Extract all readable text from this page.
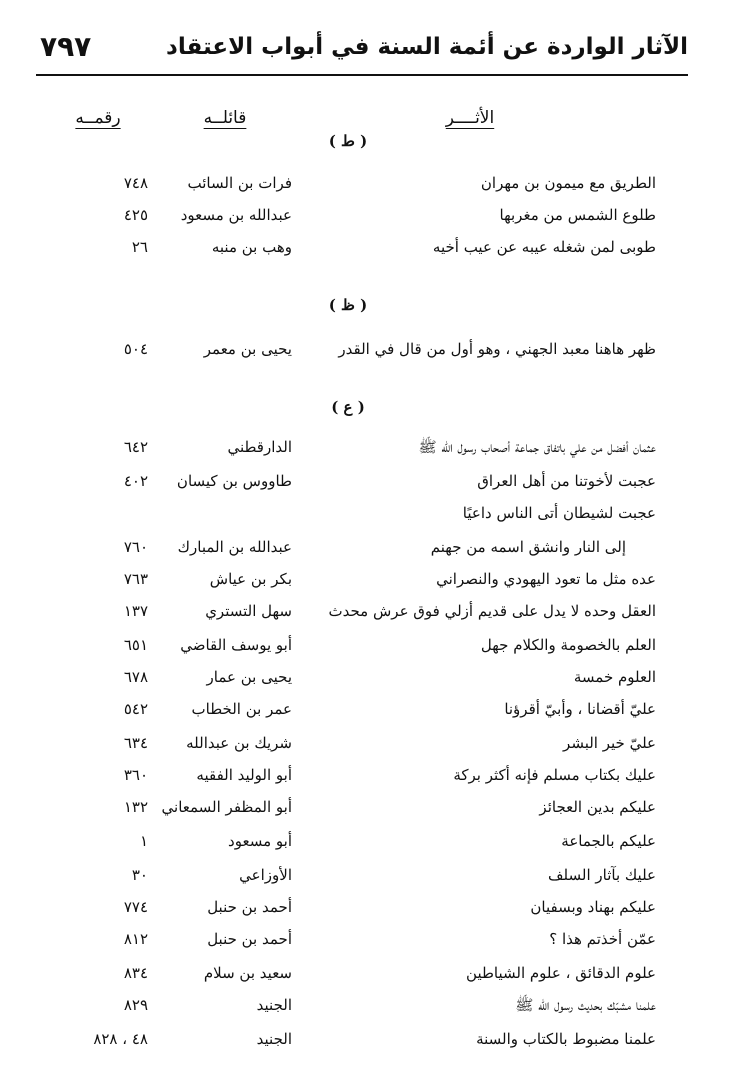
٧٩٧	الآثار الواردة عن أئمة السنة في أبواب الاعتقاد
الأثــــر
قائلــه
رقمــه
( ط )
الطريق مع ميمون بن مهران
فرات بن السائب
٧٤٨
طلوع الشمس من مغربها
عبدالله بن مسعود
٤٢٥
طوبى لمن شغله عيبه عن عيب أخيه
وهب بن منبه
٢٦
( ظ )
ظهر هاهنا معبد الجهني ، وهو أول من قال في القدر
يحيى بن معمر
٥٠٤
( ع )
عثمان أفضل من علي باتفاق جماعة أصحاب رسول الله ﷺ
الدارقطني
٦٤٢
عجبت لأخوتنا من أهل العراق
طاووس بن كيسان
٤٠٢
عجبت لشيطان أتى الناس داعيًا
إلى النار وانشق اسمه من جهنم
عبدالله بن المبارك
٧٦٠
عده مثل ما تعود اليهودي والنصراني
بكر بن عياش
٧٦٣
العقل وحده لا يدل على قديم أزلي فوق عرش محدث
سهل التستري
١٣٧
العلم بالخصومة والكلام جهل
أبو يوسف القاضي
٦٥١
العلوم خمسة
يحيى بن عمار
٦٧٨
عليّ أقضانا ، وأبيّ أقرؤنا
عمر بن الخطاب
٥٤٢
عليّ خير البشر
شريك بن عبدالله
٦٣٤
عليك بكتاب مسلم فإنه أكثر بركة
أبو الوليد الفقيه
٣٦٠
عليكم بدين العجائز
أبو المظفر السمعاني
١٣٢
عليكم بالجماعة
أبو مسعود
١
عليك بآثار السلف
الأوزاعي
٣٠
عليكم بهناد وبسفيان
أحمد بن حنبل
٧٧٤
عمّن أخذتم هذا ؟
أحمد بن حنبل
٨١٢
علوم الدقائق ، علوم الشياطين
سعيد بن سلام
٨٣٤
علمنا مشبّك بحديث رسول الله ﷺ
الجنيد
٨٢٩
علمنا مضبوط بالكتاب والسنة
الجنيد
٤٨ ، ٨٢٨
